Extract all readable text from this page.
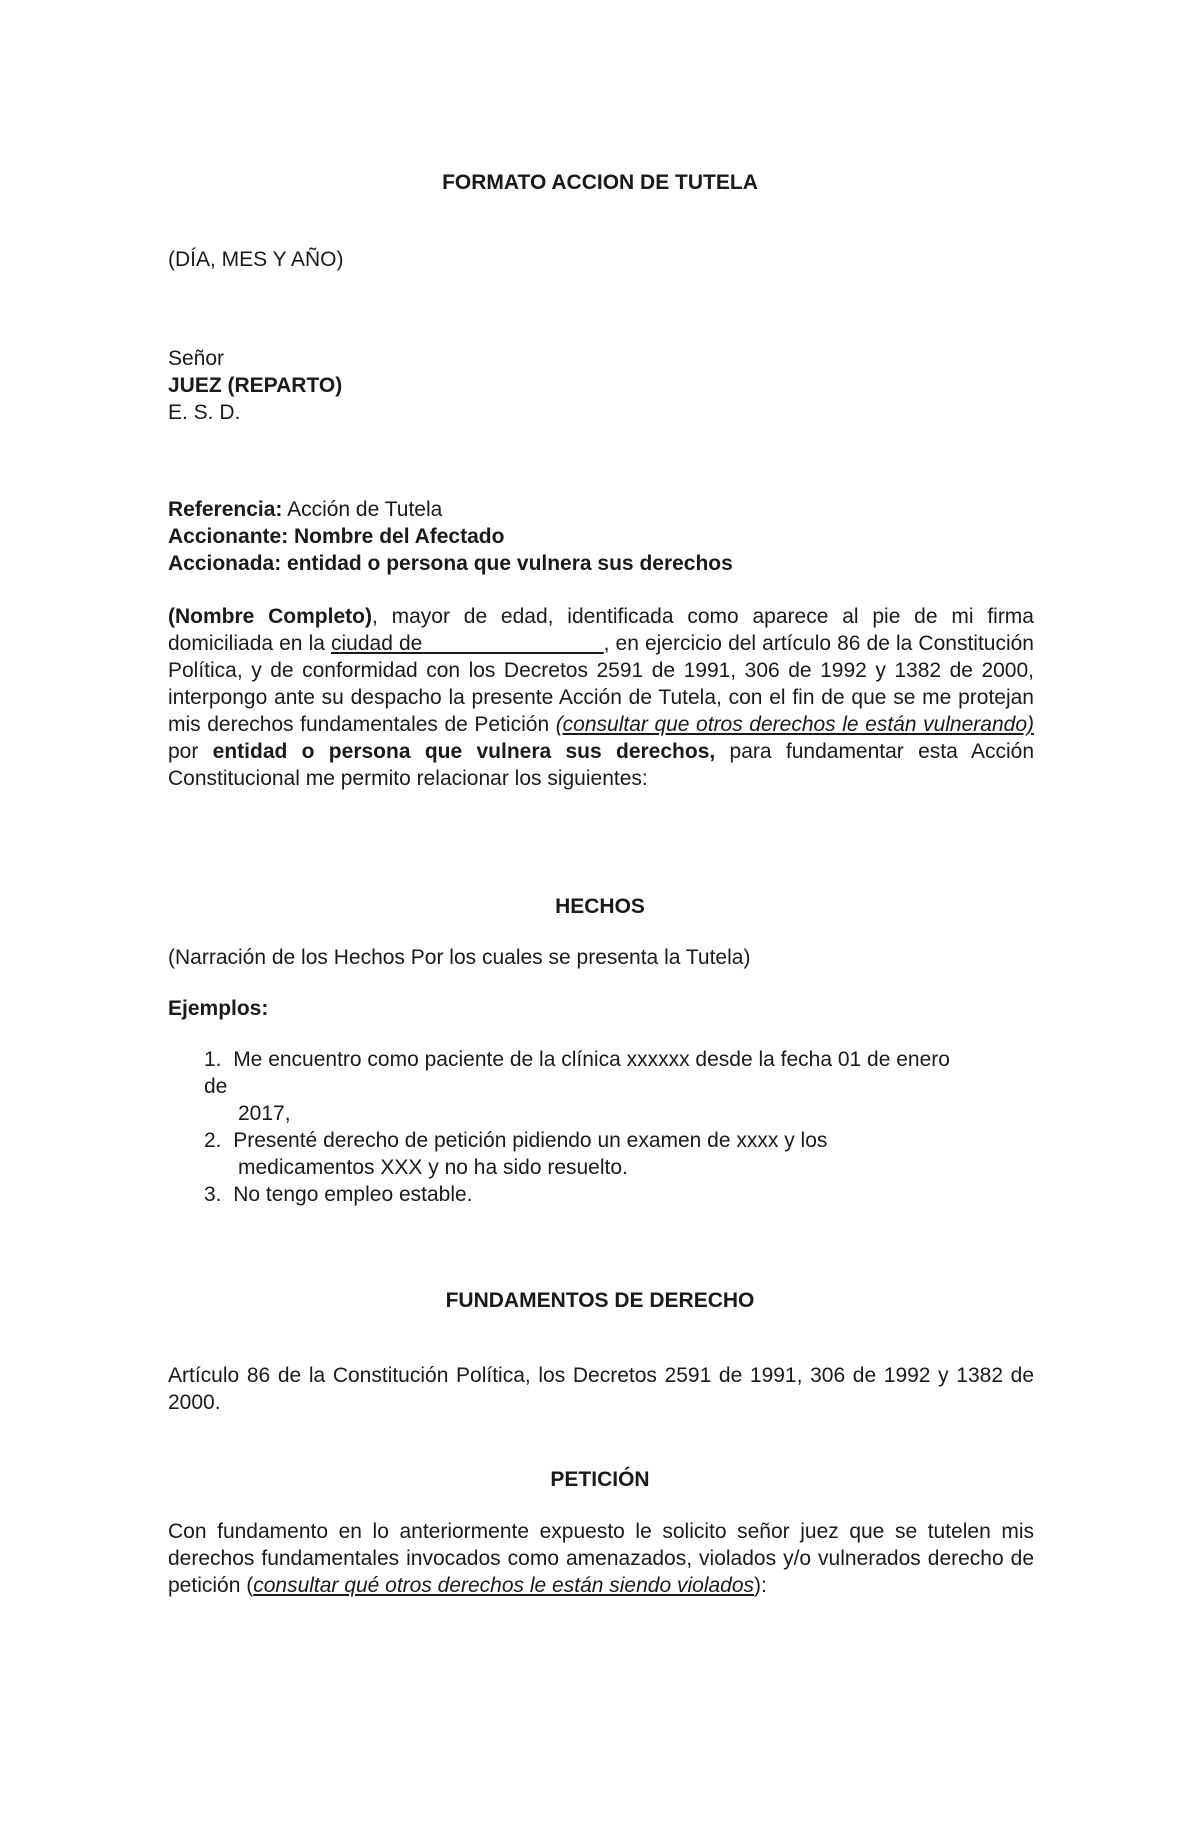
FORMATO ACCION DE TUTELA
(DÍA, MES Y AÑO)
Señor
JUEZ (REPARTO)
E. S. D.
Referencia: Acción de Tutela
Accionante: Nombre del Afectado
Accionada: entidad o persona que vulnera sus derechos
(Nombre Completo), mayor de edad, identificada como aparece al pie de mi firma domiciliada en la ciudad de _______________, en ejercicio del artículo 86 de la Constitución Política, y de conformidad con los Decretos 2591 de 1991, 306 de 1992 y 1382 de 2000, interpongo ante su despacho la presente Acción de Tutela, con el fin de que se me protejan mis derechos fundamentales de Petición (consultar que otros derechos le están vulnerando) por entidad o persona que vulnera sus derechos, para fundamentar esta Acción Constitucional me permito relacionar los siguientes:
HECHOS
(Narración de los Hechos Por los cuales se presenta la Tutela)
Ejemplos:
1. Me encuentro como paciente de la clínica xxxxxx desde la fecha 01 de enero
de
2017,
2. Presenté derecho de petición pidiendo un examen de xxxx y los
medicamentos XXX y no ha sido resuelto.
3. No tengo empleo estable.
FUNDAMENTOS DE DERECHO
Artículo 86 de la Constitución Política, los Decretos 2591 de 1991, 306 de 1992 y 1382 de 2000.
PETICIÓN
Con fundamento en lo anteriormente expuesto le solicito señor juez que se tutelen mis derechos fundamentales invocados como amenazados, violados y/o vulnerados derecho de petición (consultar qué otros derechos le están siendo violados):
